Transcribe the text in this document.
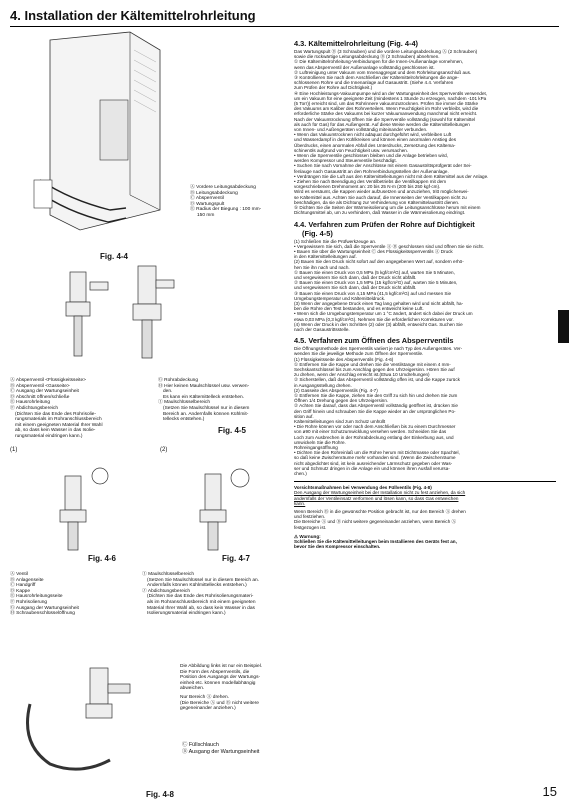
4. Installation der Kältemittelrohrleitung
Fig. 4-4
Ⓐ Vordere Leitungsabdeckung
Ⓑ Leitungsabdeckung
Ⓒ Absperrventil
Ⓓ Wartungspult
Ⓔ Radius der Biegung : 100 mm-
150 mm
Ⓐ Absperrventil <Flüssigkeitsseite>
Ⓑ Absperrventil <Gasseite>
Ⓒ Ausgang der Wartungseinheit
Ⓓ Abschnitt öffnen/schließe
Ⓔ Hausrohrleitung
Ⓕ Abdichtungsbereich
(Dichten Sie das Ende des Rohrisolie-
rungsmaterials im Rohranschlussbereich
mit einem geeigneten Material Ihrer Wahl
ab, so dass kein Wasser in das Isolie-
rungsmaterial eindringen kann.)
Ⓖ Rohrabdeckung
Ⓗ Hier keinen Maulschlüssel usw. verwen-
den.
Es kann ein Kältemittelleck entstehen.
Ⓘ Maulschlüsselbereich
(Setzen Sie Maulschlüssel nur in diesem
Bereich an. Andernfalls können Kühlmit-
tellecks entstehen.)
Fig. 4-5
(1)	(2)
Fig. 4-6	Fig. 4-7
Ⓐ Ventil
Ⓑ Anlagenseite
Ⓒ Handgriff
Ⓓ Kappe
Ⓔ Hausrohrleitungsseite
Ⓕ Rohrisolierung
Ⓖ Ausgang der Wartungseinheit
Ⓗ Schraubenschlüsselöffnung
Ⓘ Maulschlüsselbereich
(Setzen Sie Maulschlüssel nur in diesem Bereich an.
Andernfalls können Kühlmittellecks entstehen.)
Ⓙ Abdichtungsbereich
(Dichten Sie das Ende des Rohrisolierungsmateri-
als im Rohranschlussbereich mit einem geeigneten
Material Ihrer Wahl ab, so dass kein Wasser in das
Isolierungsmaterial eindringen kann.)
Die Abbildung links ist nur ein Beispiel.
Die Form des Absperrventils, die
Position des Ausgangs der Wartungs-
einheit etc. können modellabhängig
abweichen.
Nur Bereich Ⓐ drehen.
(Die Bereiche Ⓐ und Ⓑ nicht weitere
gegeneinander anziehen.)
Ⓒ Füllschlauch
Ⓓ Ausgang der Wartungseinheit
Fig. 4-8
4.3. Kältemittelrohrleitung (Fig. 4-4)

Das Wartungspult Ⓓ (3 Schrauben) und die vordere Leitungsabdeckung Ⓐ (2 Schrauben)

sowie die rückwärtige Leitungsabdeckung Ⓑ (2 Schrauben) abnehmen.

① Die Kältemittelrohrleitung-Verbindungen für die Innen-/Außenanlage vornehmen,

wenn das Absperrventil der Außenanlage vollständig geschlossen ist.

② Luftreinigung unter Vakuum vom Innenaggregat und dem Rohrleitungsanschluß aus.

③ Kontrollieren Sie nach dem Anschließen der Kältemittelrohrleitungen die ange-

schlossenen Rohre und die Innenanlage auf Gasaustritt. (Siehe 4.4. Verfahren

zum Prüfen der Rohre auf Dichtigkeit.)

④ Eine Hochleistungs-Vakuumpumpe wird an der Wartungseinheit des Sperrventils verwendet,

um ein Vakuum für eine geeignete Zeit (mindestens 1 Stunde zu erzeugen, nachdem -101 kPa

(5 Torr)) erreicht sind, um das Rohrinnere vakuumzutrocknen. Prüfen Sie immer die Stärke

des Vakuums am Kaliber des Rohrverteilers. Wenn Feuchtigkeit im Rohr verbleibt, wird die

erforderliche Stärke des Vakuums bei kurzer Vakuumanwendung manchmal nicht erreicht.

Nach der Vakuumtrocknung öffnen Sie die Sperrventile vollständig (sowohl für Kältemittel

als auch für Gas) für das Außengerät. Auf diese Weise werden die Kältemittelleitungen

von Innen- und Außengeräten vollständig miteinander verbunden.

• Wenn das Vakuumtrocknen nicht adäquat durchgeführt wird, verbleiben Luft

und Wasserdampf in den Kühlkreisen und können einen anormalen Anstieg des

Überdrucks, einen anormalen Abfall des Unterdrucks, Zersetzung des Kältema-

schinenöls aufgrund von Feuchtigkeit usw. verursachen.

• Wenn die Sperrventile geschlossen bleiben und die Anlage betrieben wird,

werden Kompressor und Steuerventile beschädigt.

• Suchen Sie nach Vornahme der Anschlüsse mit einem Gasaustrittsprüfgerät oder Sei-

fenlauge nach Gasaustritt an den Rohrverbindungsstellen der Außenanlage.

• Verdrängen Sie die Luft aus den Kältemittelleitungen nicht mit dem Kältemittel aus der Anlage.

• Ziehen Sie nach Beendigung des Ventilbetriebs die Ventilkappen mit dem

vorgeschriebenen Drehmoment an: 20 bis 25 N·m (200 bis 250 kgf·cm).

Wird es versäumt, die Kappen wieder aufzusetzen und anzuziehen, tritt möglicherwei-

se Kältemittel aus. Achten Sie auch darauf, die Innenseiten der Ventilkappen nicht zu

beschädigen, da sie als Dichtung zur Verhinderung von Kältemittelaustritt dienen.

⑤ Dichten Sie die Seiten der Wärmeisolierung um die Leitungsanschlüsse herum mit einem

Dichtungsmittel ab, um zu verhindern, daß Wasser in die Wärmeisolierung eindringt.

4.4. Verfahren zum Prüfen der Rohre auf Dichtigkeit
(Fig. 4-5)

(1) Schließen Sie die Prüfwerkzeuge an.

• Vergewissern Sie sich, daß die Sperrventile Ⓐ Ⓑ geschlossen sind und öffnen Sie sie nicht.

• Bauen Sie über die Wartungseinheit Ⓒ des Flüssigkeitssperrventils Ⓐ Druck

in den Kältemittelleitungen auf.

(2) Bauen Sie den Druck nicht sofort auf den angegebenen Wert auf, sondern erhö-

hen Sie ihn nach und nach.

① Bauen Sie einen Druck von 0,5 MPa (5 kgf/cm²G) auf, warten Sie 5 Minuten,

und vergewissern Sie sich dann, daß der Druck nicht abfällt.

② Bauen Sie einen Druck von 1,5 MPa (15 kgf/cm²G) auf, warten Sie 5 Minuten,

und vergewissern Sie sich dann, daß der Druck nicht abfällt.

③ Bauen Sie einen Druck von 4,15 MPa (41,5 kgf/cm²G) auf und messen Sie

Umgebungstemperatur und Kältemitteldruck.

(3) Wenn der angegebene Druck einen Tag lang gehalten wird und nicht abfällt, ha-

ben die Rohre den Test bestanden, und es entweicht keine Luft.

• Wenn sich die Umgebungstemperatur um 1 °C ändert, ändert sich dabei der Druck um

etwa 0,03 MPa (0,3 kgf/cm²G). Nehmen Sie die erforderlichen Korrekturen vor.

(4) Wenn der Druck in den Schritten (2) oder (3) abfällt, entweicht Gas. Suchen Sie

nach der Gasaustrittsstelle.

4.5. Verfahren zum Öffnen des Absperrventils

Die Öffnungsmethode des Sperrventils variiert je nach Typ des Außengerätes. Ver-

wenden Sie die jeweilige Methode zum Öffnen der Sperrventile.

(1) Flüssigkeitsseite des Absperrventils (Fig. 4-6)

① Entfernen Sie die Kappe und drehen Sie die Ventilstange mit einem 4 mm-

Sechskantschlüssel bis zum Anschlag gegen den Uhrzeigersinn. Hören Sie auf

zu drehen, wenn der Anschlag erreicht ist.(Etwa 10 Umdrehungen)

② Sicherstellen, daß das Absperrventil vollständig offen ist, und die Kappe zurück

in Ausgangsstellung drehen.

(2) Gasseite des Absperrventils (Fig. 4-7)

① Entfernen Sie die Kappe, ziehen Sie den Griff zu sich hin und drehen Sie zum

Öffnen 1/4 Drehung gegen den Uhrzeigersinn.

② Achten Sie darauf, dass das Absperrventil vollständig geöffnet ist, drücken Sie

den Griff hinein und schrauben Sie die Kappe wieder an der ursprünglichen Po-

sition auf.

Kältemittelleitungen sind zum Schutz umhüllt

• Die Rohre können vor oder nach dem Anschließen bis zu einem Durchmesser

von ø90 mit einer Schutzumwicklung versehen werden. Schneiden Sie das

Loch zum Ausbrechen in der Rohrabdeckung entlang der Einkerbung aus, und

umwickeln Sie die Rohre.

Rohreingangsöffnung

• Dichten Sie den Rohreinlaß um die Rohre herum mit Dichtmasse oder Spachtel,

so daß keine Zwischenräume mehr vorhanden sind. (Wenn die Zwischenräume

nicht abgedichtet sind, ist kein ausreichender Lärmschutz gegeben oder Was-

ser und Schmutz dringen in die Anlage ein und können ihren Ausfall verursa-

chen.)

Vorsichtsmaßnahmen bei Verwendung des Füllventils (Fig. 4-8)

Den Ausgang der Wartungseinheit bei der Installation nicht zu fest anziehen, da sich

andernfalls der Ventileinsatz verformen und lösen kann, so dass Gas entweichen

kann.

Wenn Bereich Ⓑ in die gewünschte Position gebracht ist, nur den Bereich Ⓐ drehen

und festziehen.

Die Bereiche Ⓐ und Ⓑ nicht weitere gegeneinander anziehen, wenn Bereich Ⓐ

festgezogen ist.

⚠ Warnung:

Schließen Sie die Kältemittelleitungen beim Installieren des Geräts fest an,

bevor Sie den Kompressor einschalten.

15
